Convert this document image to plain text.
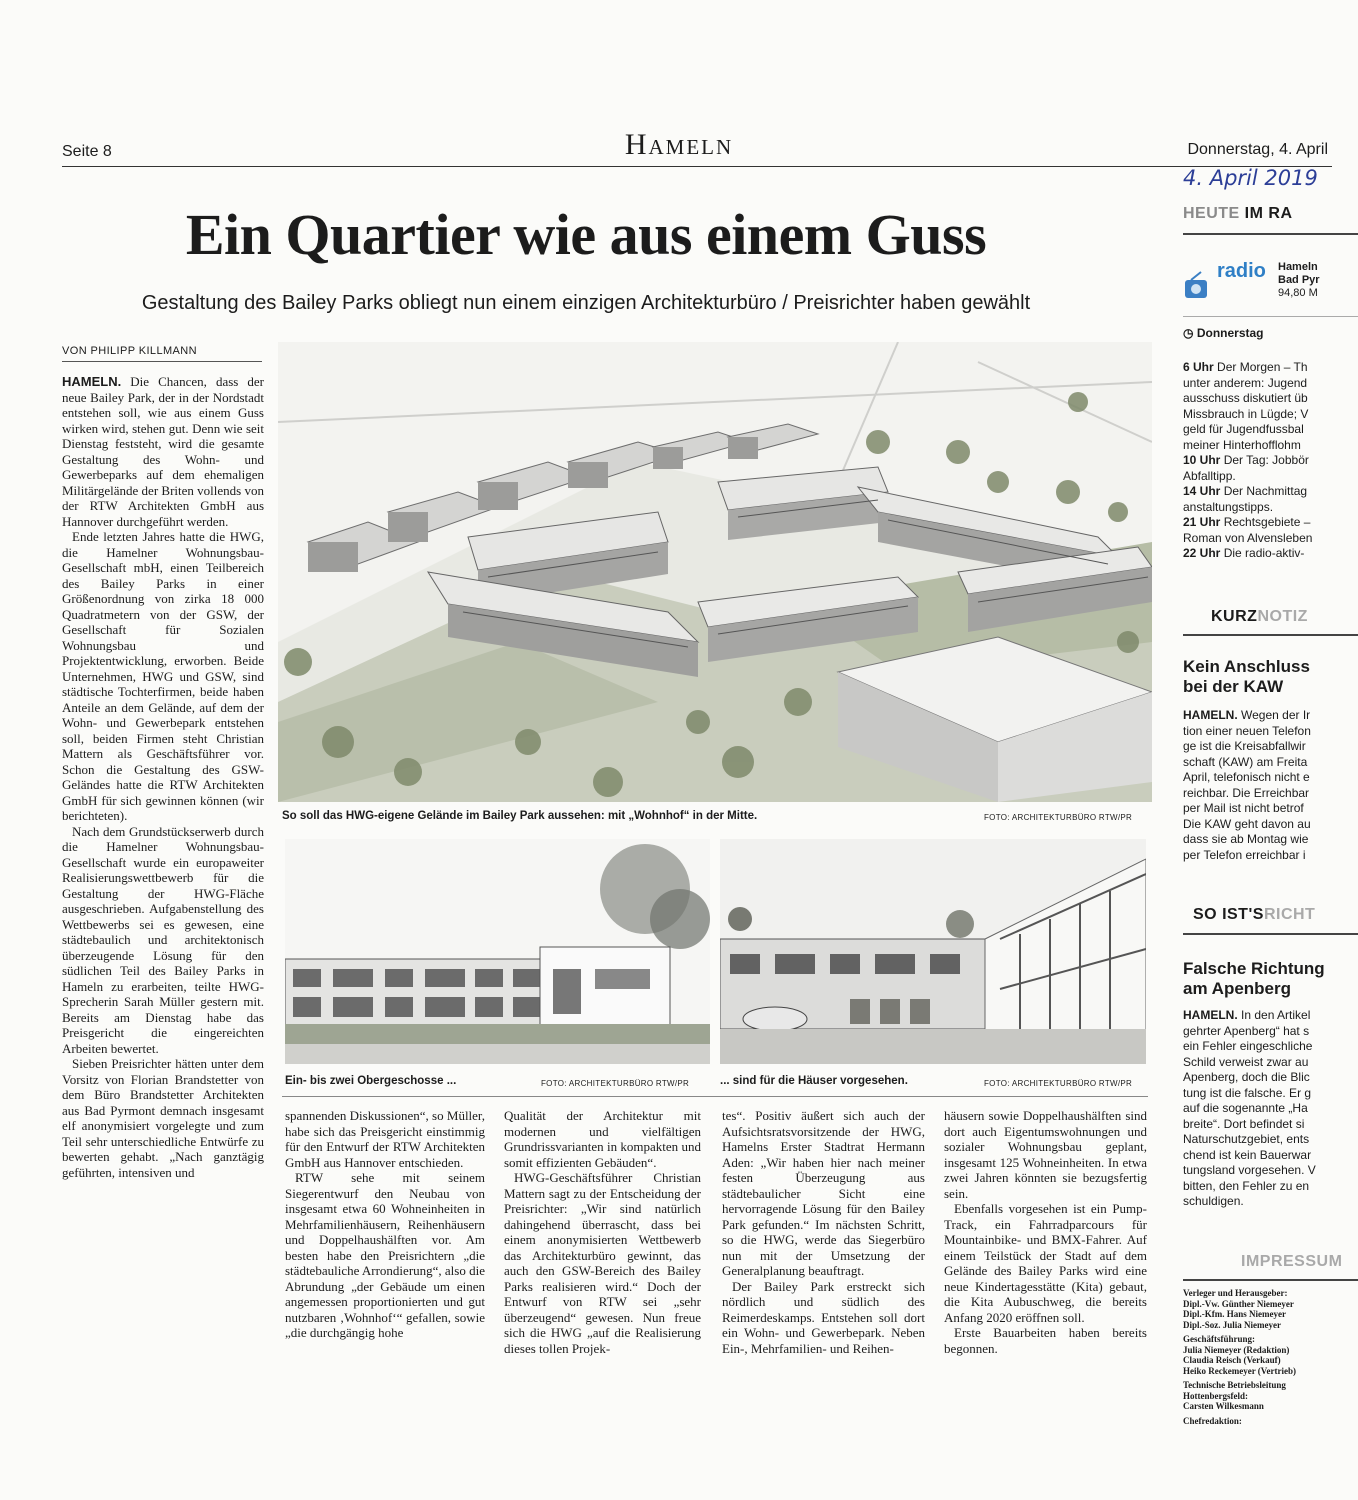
Seite 8	Hameln	Donnerstag, 4. April
4. April 2019
Ein Quartier wie aus einem Guss
Gestaltung des Bailey Parks obliegt nun einem einzigen Architekturbüro / Preisrichter haben gewählt
VON PHILIPP KILLMANN

HAMELN. Die Chancen, dass der neue Bailey Park, der in der Nordstadt entstehen soll, wie aus einem Guss wirken wird, stehen gut. Denn wie seit Dienstag feststeht, wird die gesamte Gestaltung des Wohn- und Gewerbeparks auf dem ehemaligen Militärgelände der Briten vollends von der RTW Architekten GmbH aus Hannover durchgeführt werden.

Ende letzten Jahres hatte die HWG, die Hamelner Wohnungsbau-Gesellschaft mbH, einen Teilbereich des Bailey Parks in einer Größenordnung von zirka 18 000 Quadratmetern von der GSW, der Gesellschaft für Sozialen Wohnungsbau und Projektentwicklung, erworben. Beide Unternehmen, HWG und GSW, sind städtische Tochterfirmen, beide haben Anteile an dem Gelände, auf dem der Wohn- und Gewerbepark entstehen soll, beiden Firmen steht Christian Mattern als Geschäftsführer vor. Schon die Gestaltung des GSW-Geländes hatte die RTW Architekten GmbH für sich gewinnen können (wir berichteten).

Nach dem Grundstückserwerb durch die Hamelner Wohnungsbau-Gesellschaft wurde ein europaweiter Realisierungswettbewerb für die Gestaltung der HWG-Fläche ausgeschrieben. Aufgabenstellung des Wettbewerbs sei es gewesen, eine städtebaulich und architektonisch überzeugende Lösung für den südlichen Teil des Bailey Parks in Hameln zu erarbeiten, teilte HWG-Sprecherin Sarah Müller gestern mit. Bereits am Dienstag habe das Preisgericht die eingereichten Arbeiten bewertet.

Sieben Preisrichter hätten unter dem Vorsitz von Florian Brandstetter von dem Büro Brandstetter Architekten aus Bad Pyrmont demnach insgesamt elf anonymisiert vorgelegte und zum Teil sehr unterschiedliche Entwürfe zu bewerten gehabt. „Nach ganztägig geführten, intensiven und

So soll das HWG-eigene Gelände im Bailey Park aussehen: mit „Wohnhof“ in der Mitte.	FOTO: ARCHITEKTURBÜRO RTW/PR
Ein- bis zwei Obergeschosse ...	FOTO: ARCHITEKTURBÜRO RTW/PR	... sind für die Häuser vorgesehen.	FOTO: ARCHITEKTURBÜRO RTW/PR

spannenden Diskussionen“, so Müller, habe sich das Preisgericht einstimmig für den Entwurf der RTW Architekten GmbH aus Hannover entschieden.

RTW sehe mit seinem Siegerentwurf den Neubau von insgesamt etwa 60 Wohneinheiten in Mehrfamilienhäusern, Reihenhäusern und Doppelhaushälften vor. Am besten habe den Preisrichtern „die städtebauliche Arrondierung“, also die Abrundung „der Gebäude um einen angemessen proportionierten und gut nutzbaren ‚Wohnhof‘“ gefallen, sowie „die durchgängig hohe

Qualität der Architektur mit modernen und vielfältigen Grundrissvarianten in kompakten und somit effizienten Gebäuden“.

HWG-Geschäftsführer Christian Mattern sagt zu der Entscheidung der Preisrichter: „Wir sind natürlich dahingehend überrascht, dass bei einem anonymisierten Wettbewerb das Architekturbüro gewinnt, das auch den GSW-Bereich des Bailey Parks realisieren wird.“ Doch der Entwurf von RTW sei „sehr überzeugend“ gewesen. Nun freue sich die HWG „auf die Realisierung dieses tollen Projek-

tes“. Positiv äußert sich auch der Aufsichtsratsvorsitzende der HWG, Hamelns Erster Stadtrat Hermann Aden: „Wir haben hier nach meiner festen Überzeugung aus städtebaulicher Sicht eine hervorragende Lösung für den Bailey Park gefunden.“ Im nächsten Schritt, so die HWG, werde das Siegerbüro nun mit der Umsetzung der Generalplanung beauftragt.

Der Bailey Park erstreckt sich nördlich und südlich des Reimerdeskamps. Entstehen soll dort ein Wohn- und Gewerbepark. Neben Ein-, Mehrfamilien- und Reihen-

häusern sowie Doppelhaushälften sind dort auch Eigentumswohnungen und sozialer Wohnungsbau geplant, insgesamt 125 Wohneinheiten. In etwa zwei Jahren könnten sie bezugsfertig sein.

Ebenfalls vorgesehen ist ein Pump-Track, ein Fahrradparcours für Mountainbike- und BMX-Fahrer. Auf einem Teilstück der Stadt auf dem Gelände des Bailey Parks wird eine neue Kindertagesstätte (Kita) gebaut, die Kita Aubuschweg, die bereits Anfang 2020 eröffnen soll.

Erste Bauarbeiten haben bereits begonnen.

HEUTE IM RA
radio Hameln
Bad Pyr
94,80 M
◷ Donnerstag

6 Uhr Der Morgen – Th

unter anderem: Jugend

ausschuss diskutiert üb

Missbrauch in Lügde; V

geld für Jugendfussbal

meiner Hinterhofflohm

10 Uhr Der Tag: Jobbör

Abfalltipp.

14 Uhr Der Nachmittag

anstaltungstipps.

21 Uhr Rechtsgebiete –

Roman von Alvensleben

22 Uhr Die radio-aktiv-

KURZNOTIZ
Kein Anschluss bei der KAW

HAMELN. Wegen der Ir

tion einer neuen Telefon

ge ist die Kreisabfallwir

schaft (KAW) am Freita

April, telefonisch nicht e

reichbar. Die Erreichbar

per Mail ist nicht betrof

Die KAW geht davon au

dass sie ab Montag wie

per Telefon erreichbar i

SO IST'SRICHT
Falsche Richtung am Apenberg

HAMELN. In den Artikel

gehrter Apenberg“ hat s

ein Fehler eingeschliche

Schild verweist zwar au

Apenberg, doch die Blic

tung ist die falsche. Er g

auf die sogenannte „Ha

breite“. Dort befindet si

Naturschutzgebiet, ents

chend ist kein Bauerwar

tungsland vorgesehen. V

bitten, den Fehler zu en

schuldigen.

IMPRESSUM

Verleger und Herausgeber:
Dipl.-Vw. Günther Niemeyer
Dipl.-Kfm. Hans Niemeyer
Dipl.-Soz. Julia Niemeyer

Geschäftsführung:
Julia Niemeyer (Redaktion)
Claudia Reisch (Verkauf)
Heiko Reckemeyer (Vertrieb)

Technische Betriebsleitung
Hottenbergsfeld:
Carsten Wilkesmann

Chefredaktion:
